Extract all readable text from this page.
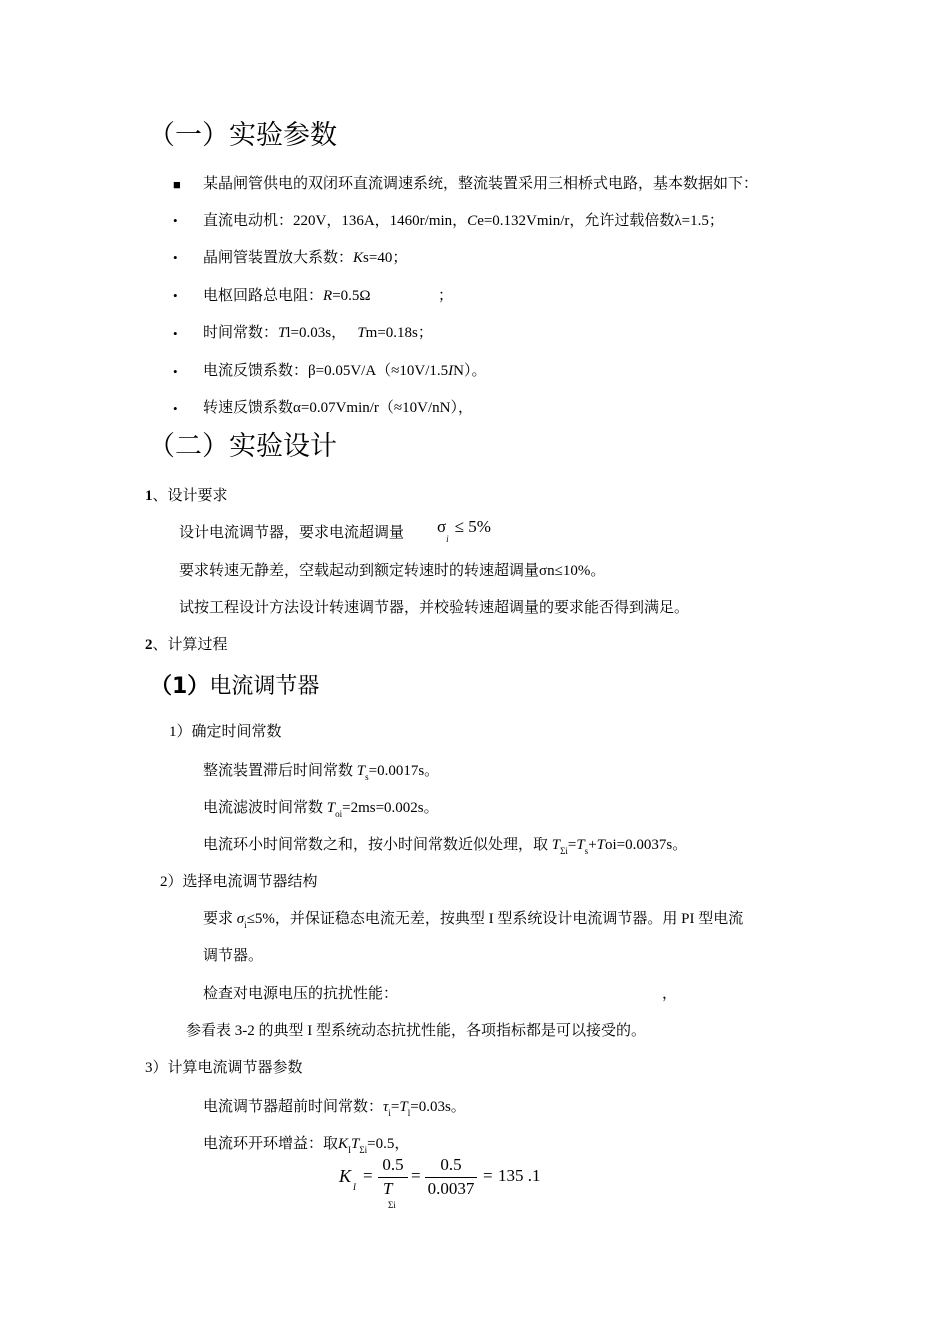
（一）实验参数
■ 某晶闸管供电的双闭环直流调速系统，整流装置采用三相桥式电路，基本数据如下：
• 直流电动机：220V，136A，1460r/min，Ce=0.132Vmin/r，允许过载倍数λ=1.5；
• 晶闸管装置放大系数：Ks=40；
• 电枢回路总电阻：R=0.5Ω	；
• 时间常数：Tl=0.03s， Tm=0.18s；
• 电流反馈系数：β=0.05V/A（≈10V/1.5IN）。
• 转速反馈系数α=0.07Vmin/r（≈10V/nN），
（二）实验设计
1、设计要求
设计电流调节器，要求电流超调量 $\sigma_i\le 5\%$
要求转速无静差，空载起动到额定转速时的转速超调量σn≤10%。
试按工程设计方法设计转速调节器，并校验转速超调量的要求能否得到满足。
2、计算过程
（1）电流调节器
1）确定时间常数
整流装置滞后时间常数 $T_s=0.0017s$。
电流滤波时间常数 $T_{oi}=2ms=0.002s$。
电流环小时间常数之和，按小时间常数近似处理，取 $T_{\Sigma i}=T_s+Toi=0.0037s$。
2）选择电流调节器结构
要求 $\sigma_i\le 5\%$，并保证稳态电流无差，按典型 I 型系统设计电流调节器。用 PI 型电流
调节器。
检查对电源电压的抗扰性能：	，
参看表 3-2 的典型 I 型系统动态抗扰性能，各项指标都是可以接受的。
3）计算电流调节器参数
电流调节器超前时间常数：$\tau_i=T_l=0.03s$。
电流环开环增益：取$K_IT_{\Sigma i}=0.5$，
K
I
=
0.5
T
Σi
=
0.5
0.0037
= 135 .1
